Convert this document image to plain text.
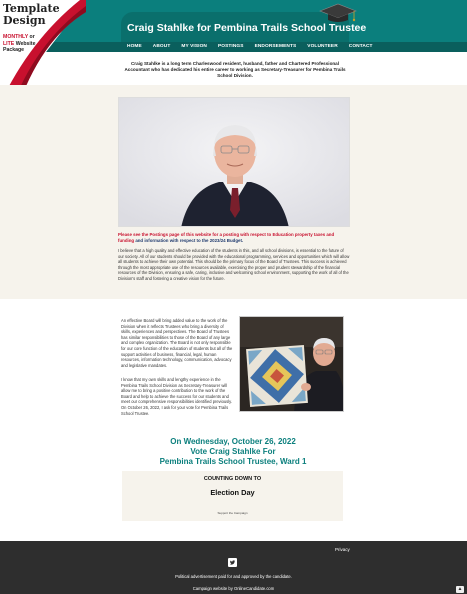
Craig Stahlke for Pembina Trails School Trustee
HOME ABOUT MY VISION POSTINGS ENDORSEMENTS VOLUNTEER CONTACT
Template
Design
MONTHLY or
LITE Website
Package
Craig Stahlke is a long term Charleswood resident, husband, father and Chartered Professional Accountant who has dedicated his entire career to working as Secretary-Treasurer for Pembina Trails School Division.
Please see the Postings page of this website for a posting with respect to Education property taxes and funding and information with respect to the 2023/24 Budget.
I believe that a high quality and effective education of the students in this, and all school divisions, is essential to the future of our society. All of our students should be provided with the educational programming, services and opportunities which will allow all students to achieve their own potential. This should be the primary focus of the Board of Trustees. This success is achieved through the most appropriate use of the resources available, exercising the proper and prudent stewardship of the financial resources of the Division, ensuring a safe, caring, inclusive and welcoming school environment, supporting the work of all of the Division's staff and fostering a creative vision for the future.
An effective Board will bring added value to the work of the Division when it reflects Trustees who bring a diversity of skills, experiences and perspectives. The Board of Trustees has similar responsibilities to those of the Board of any large and complex organization. The Board is not only responsible for our core function of the education of students but all of the support activities of business, financial, legal, human resources, information technology, communication, advocacy and legislative mandates.
I know that my own skills and lengthy experience in the Pembina Trails School Division as Secretary-Treasurer will allow me to bring a positive contribution to the work of the Board and help to achieve the success for our students and meet our comprehensive responsibilities identified previously. On October 26, 2022, I ask for your vote for Pembina Trails School Trustee.
On Wednesday, October 26, 2022
Vote Craig Stahlke For
Pembina Trails School Trustee, Ward 1
COUNTING DOWN TO
Election Day
Support the Campaign
Privacy
Political advertisement paid for and approved by the candidate.
Campaign website by OnlineCandidate.com	▲
